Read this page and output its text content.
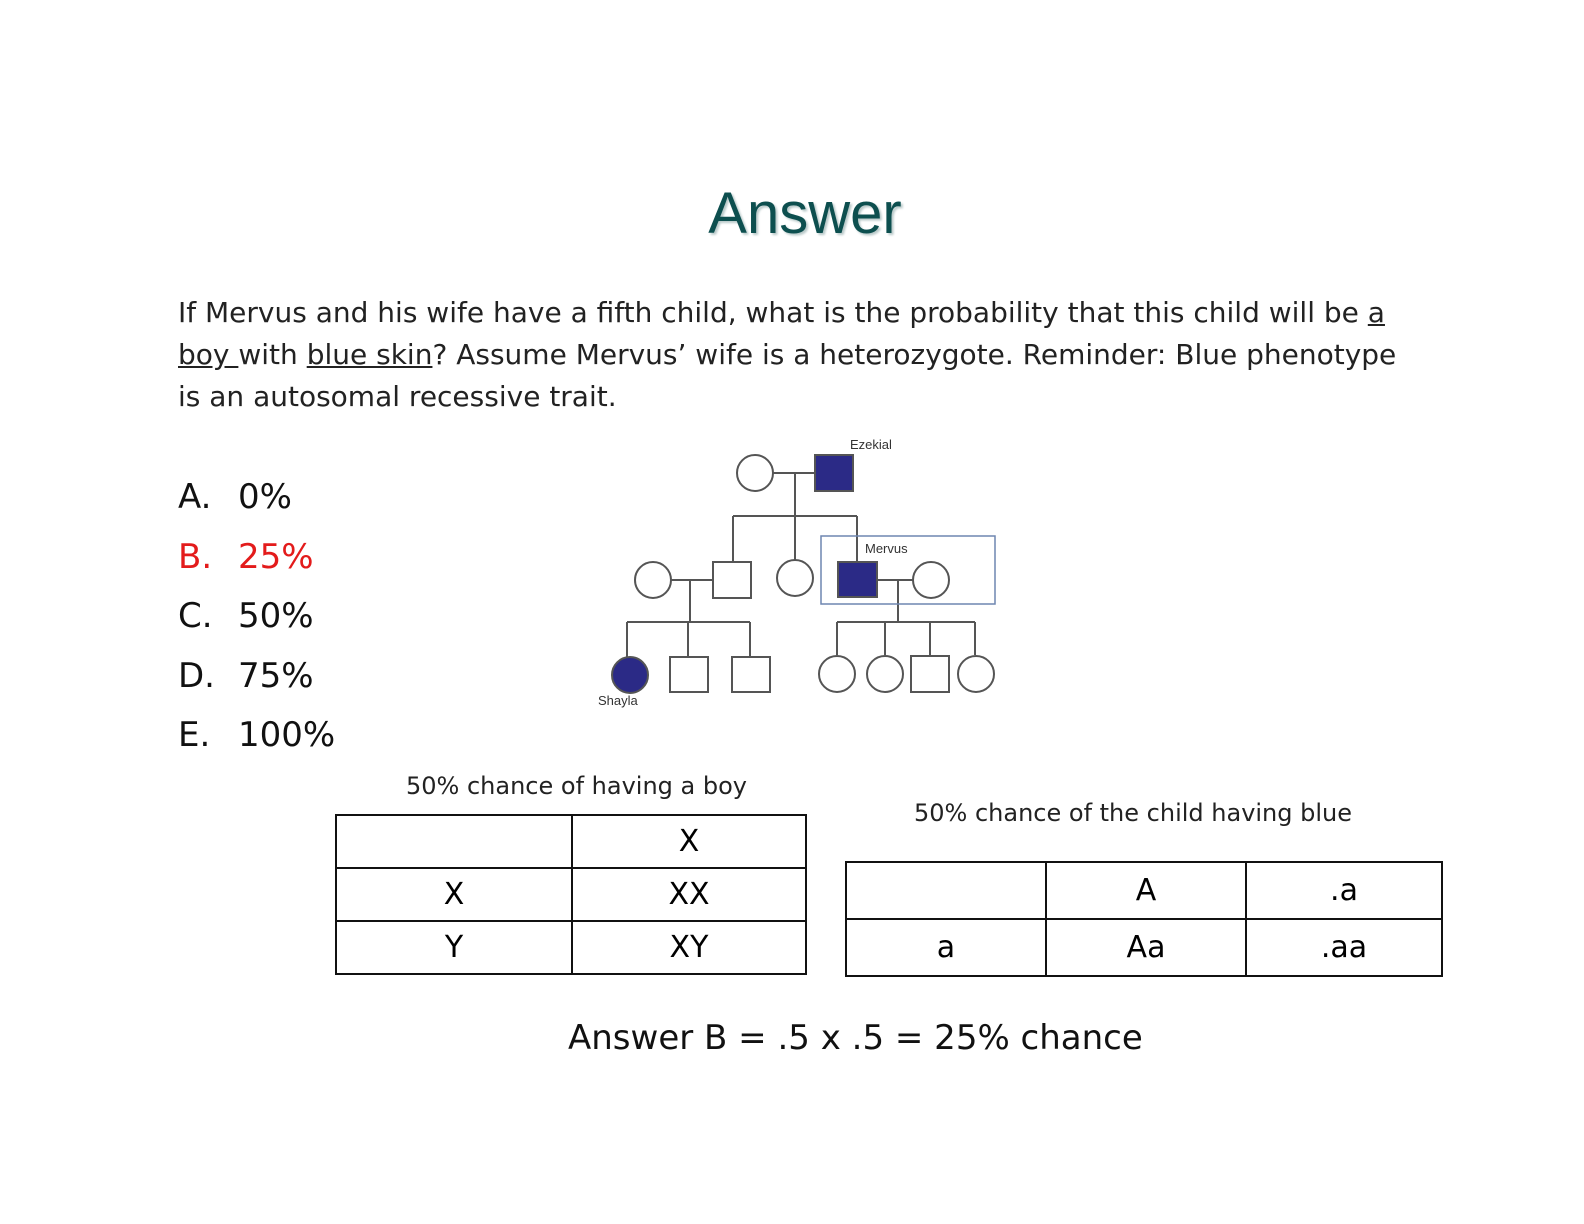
Answer
If Mervus and his wife have a fifth child, what is the probability that this child will be a boy with blue skin? Assume Mervus’ wife is a heterozygote. Reminder: Blue phenotype is an autosomal recessive trait.
A. 0%
B. 25%
C. 50%
D. 75%
E. 100%
Ezekial
Mervus
Shayla
50% chance of having a boy
	X
X	XX
Y	XY
50% chance of the child having blue
	A	.a
a	Aa	.aa
Answer B = .5 x .5 = 25% chance
